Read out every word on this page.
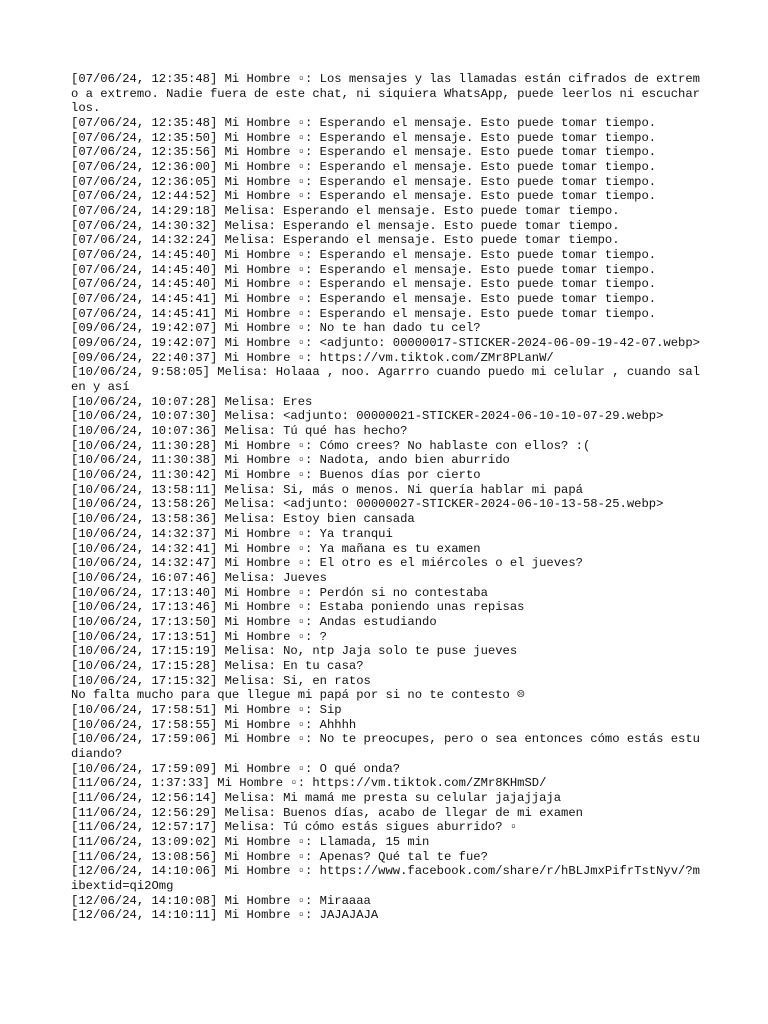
[07/06/24, 12:35:48] Mi Hombre ▫: Los mensajes y las llamadas están cifrados de extremo a extremo. Nadie fuera de este chat, ni siquiera WhatsApp, puede leerlos ni escucharlos.
[07/06/24, 12:35:48] Mi Hombre ▫: Esperando el mensaje. Esto puede tomar tiempo.
[07/06/24, 12:35:50] Mi Hombre ▫: Esperando el mensaje. Esto puede tomar tiempo.
[07/06/24, 12:35:56] Mi Hombre ▫: Esperando el mensaje. Esto puede tomar tiempo.
[07/06/24, 12:36:00] Mi Hombre ▫: Esperando el mensaje. Esto puede tomar tiempo.
[07/06/24, 12:36:05] Mi Hombre ▫: Esperando el mensaje. Esto puede tomar tiempo.
[07/06/24, 12:44:52] Mi Hombre ▫: Esperando el mensaje. Esto puede tomar tiempo.
[07/06/24, 14:29:18] Melisa: Esperando el mensaje. Esto puede tomar tiempo.
[07/06/24, 14:30:32] Melisa: Esperando el mensaje. Esto puede tomar tiempo.
[07/06/24, 14:32:24] Melisa: Esperando el mensaje. Esto puede tomar tiempo.
[07/06/24, 14:45:40] Mi Hombre ▫: Esperando el mensaje. Esto puede tomar tiempo.
[07/06/24, 14:45:40] Mi Hombre ▫: Esperando el mensaje. Esto puede tomar tiempo.
[07/06/24, 14:45:40] Mi Hombre ▫: Esperando el mensaje. Esto puede tomar tiempo.
[07/06/24, 14:45:41] Mi Hombre ▫: Esperando el mensaje. Esto puede tomar tiempo.
[07/06/24, 14:45:41] Mi Hombre ▫: Esperando el mensaje. Esto puede tomar tiempo.
[09/06/24, 19:42:07] Mi Hombre ▫: No te han dado tu cel?
[09/06/24, 19:42:07] Mi Hombre ▫: <adjunto: 00000017-STICKER-2024-06-09-19-42-07.webp>
[09/06/24, 22:40:37] Mi Hombre ▫: https://vm.tiktok.com/ZMr8PLanW/
[10/06/24, 9:58:05] Melisa: Holaaa , noo. Agarrro cuando puedo mi celular , cuando salen y así
[10/06/24, 10:07:28] Melisa: Eres
[10/06/24, 10:07:30] Melisa: <adjunto: 00000021-STICKER-2024-06-10-10-07-29.webp>
[10/06/24, 10:07:36] Melisa: Tú qué has hecho?
[10/06/24, 11:30:28] Mi Hombre ▫: Cómo crees? No hablaste con ellos? :(
[10/06/24, 11:30:38] Mi Hombre ▫: Nadota, ando bien aburrido
[10/06/24, 11:30:42] Mi Hombre ▫: Buenos días por cierto
[10/06/24, 13:58:11] Melisa: Si, más o menos. Ni quería hablar mi papá
[10/06/24, 13:58:26] Melisa: <adjunto: 00000027-STICKER-2024-06-10-13-58-25.webp>
[10/06/24, 13:58:36] Melisa: Estoy bien cansada
[10/06/24, 14:32:37] Mi Hombre ▫: Ya tranqui
[10/06/24, 14:32:41] Mi Hombre ▫: Ya mañana es tu examen
[10/06/24, 14:32:47] Mi Hombre ▫: El otro es el miércoles o el jueves?
[10/06/24, 16:07:46] Melisa: Jueves
[10/06/24, 17:13:40] Mi Hombre ▫: Perdón si no contestaba
[10/06/24, 17:13:46] Mi Hombre ▫: Estaba poniendo unas repisas
[10/06/24, 17:13:50] Mi Hombre ▫: Andas estudiando
[10/06/24, 17:13:51] Mi Hombre ▫: ?
[10/06/24, 17:15:19] Melisa: No, ntp Jaja solo te puse jueves
[10/06/24, 17:15:28] Melisa: En tu casa?
[10/06/24, 17:15:32] Melisa: Si, en ratos
No falta mucho para que llegue mi papá por si no te contesto ☹
[10/06/24, 17:58:51] Mi Hombre ▫: Sip
[10/06/24, 17:58:55] Mi Hombre ▫: Ahhhh
[10/06/24, 17:59:06] Mi Hombre ▫: No te preocupes, pero o sea entonces cómo estás estudiando?
[10/06/24, 17:59:09] Mi Hombre ▫: O qué onda?
[11/06/24, 1:37:33] Mi Hombre ▫: https://vm.tiktok.com/ZMr8KHmSD/
[11/06/24, 12:56:14] Melisa: Mi mamá me presta su celular jajajjaja
[11/06/24, 12:56:29] Melisa: Buenos días, acabo de llegar de mi examen
[11/06/24, 12:57:17] Melisa: Tú cómo estás sigues aburrido? ▫
[11/06/24, 13:09:02] Mi Hombre ▫: Llamada, 15 min
[11/06/24, 13:08:56] Mi Hombre ▫: Apenas? Qué tal te fue?
[12/06/24, 14:10:06] Mi Hombre ▫: https://www.facebook.com/share/r/hBLJmxPifrTstNyv/?mibextid=qi2Omg
[12/06/24, 14:10:08] Mi Hombre ▫: Miraaaa
[12/06/24, 14:10:11] Mi Hombre ▫: JAJAJAJA
